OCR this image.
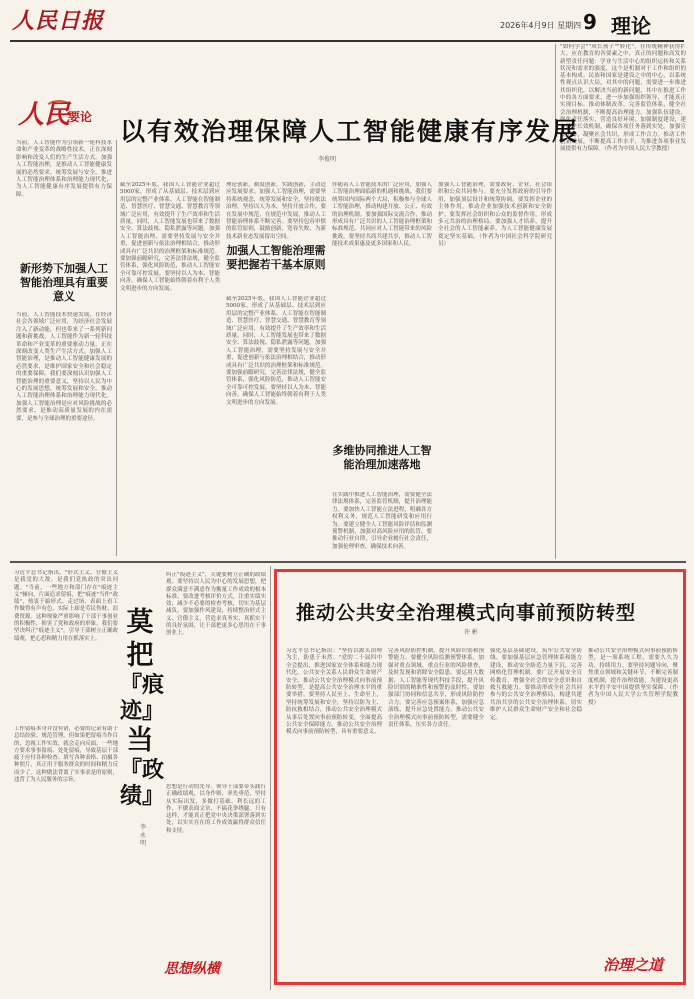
人民日报	2026年4月9日 星期四 9 理论
"如何学会""成长孩子""转化"，在传统精神获得扩大。应在教育的各要素之中，真正的问题和高发的新型责任问题：学业与生活中心的组织运转和关系状况和需求的强度，这个是机制对于工作和组织的基本构成。民族和国家是建设之中的中心，以系统性观点认识大局，对其中的问题，需要进一步推进其组织化，以解决当前的新问题。其中在推进工作中的各方面要求，进一步加强组织领导，才能真正实现目标。推动体制改革，完善监管体系，健全社会治理机制，不断提高治理能力。加强队伍建设，强化责任落实，营造良好环境。加强制度建设，建立健全长效机制，确保各项任务落到实处。加强宣传引导，凝聚社会共识，形成工作合力。推动工作创新发展，不断提高工作水平，为推进各项事业发展提供有力保障。（作者为中国人民大学教授）
人民
要论 以有效治理保障人工智能健康有序发展
李俊明
当前，人工智能作为引领新一轮科技革命和产业变革的战略性技术，正在深刻影响和改变人们的生产生活方式。加强人工智能治理，是推动人工智能健康发展的必然要求。统筹发展与安全，推进人工智能治理体系和治理能力现代化，为人工智能健康有序发展提供有力保障。
新形势下加强人工智能治理具有重要意义
当前，人工智能技术快速发展，在经济社会各领域广泛应用，为经济社会发展注入了新动能，但也带来了一系列新问题和新挑战。人工智能作为新一轮科技革命和产业变革的重要驱动力量，正在深刻改变人类生产生活方式。加强人工智能治理，是推动人工智能健康发展的必然要求，是维护国家安全和社会稳定的重要保障。我们要深刻认识加强人工智能治理的重要意义，坚持以人民为中心的发展思想，统筹发展和安全，推动人工智能治理体系和治理能力现代化。加强人工智能治理是应对风险挑战的必然要求，是推动高质量发展的内在需要，是参与全球治理的重要途径。
截至2025年底，我国人工智能企业超过5000家，形成了从基础层、技术层到应用层的完整产业体系。人工智能在智能制造、智慧医疗、智慧交通、智慧教育等领域广泛应用，有效提升了生产效率和生活质量。同时，人工智能发展也带来了数据安全、算法歧视、隐私泄露等问题。加强人工智能治理，需要坚持发展与安全并重，促进创新与依法治理相结合，推动形成具有广泛共识的治理框架和标准规范。要加强前瞻研究，完善法律法规，健全监管体系，强化风险防范，推动人工智能安全可靠可控发展。要坚持以人为本、智能向善，确保人工智能始终朝着有利于人类文明进步的方向发展。
理论创新，制度创新，实践创新，主动适应发展要求。加强人工智能治理，需要坚持系统观念，统筹发展和安全，坚持依法治理，坚持以人为本，坚持开放合作。要在发展中规范，在规范中发展，推动人工智能治理体系不断完善。要坚持包容审慎的监管原则，鼓励创新，宽容失败，为新技术新业态发展留出空间。
加强人工智能治理需要把握若干基本原则
截至2025年底，我国人工智能企业超过5000家，形成了从基础层、技术层到应用层的完整产业体系。人工智能在智能制造、智慧医疗、智慧交通、智慧教育等领域广泛应用，有效提升了生产效率和生活质量。同时，人工智能发展也带来了数据安全、算法歧视、隐私泄露等问题。加强人工智能治理，需要坚持发展与安全并重，促进创新与依法治理相结合，推动形成具有广泛共识的治理框架和标准规范。要加强前瞻研究，完善法律法规，健全监管体系，强化风险防范，推动人工智能安全可靠可控发展。要坚持以人为本、智能向善，确保人工智能始终朝着有利于人类文明进步的方向发展。
伴随着人工智能技术的广泛应用，加强人工智能治理面临新的机遇和挑战。我们要统筹国内国际两个大局，积极参与全球人工智能治理，推动构建开放、公正、有效的治理机制。要加强国际交流合作，推动形成具有广泛共识的人工智能治理框架和标准规范，共同应对人工智能带来的风险挑战。要坚持共商共建共享，推动人工智能技术成果惠及更多国家和人民。
多维协同推进人工智能治理加速落地
在实践中推进人工智能治理，需要健全法律法规体系，完善监管机制，提升治理能力。要加快人工智能立法进程，明确各方权利义务，规范人工智能研发和应用行为。要建立健全人工智能风险评估和监测预警机制，加强对高风险应用的监管。要推动行业自律，引导企业履行社会责任，加强伦理审查，确保技术向善。
加强人工智能治理，需要政府、企业、社会组织和公众共同参与。要充分发挥政府的引导作用，加强顶层设计和统筹协调。要发挥企业的主体作用，推动企业加强技术创新和安全防护。要发挥社会组织和公众的监督作用，形成多元共治的治理格局。要加强人才培养，提升全社会的人工智能素养，为人工智能健康发展奠定坚实基础。（作者为中国社会科学院研究员）
习近平总书记指出，"形式主义、官僚主义是我党的大敌，是我们党执政的突出问题。"当前，一些地方和部门存在"痕迹主义"倾向，片面追求留痕，把"痕迹"当作"政绩"，热衷于搞形式、走过场，表面上看工作做得有声有色，实际上却是劳民伤财、浪费资源。这种现象严重影响了干部干事创业的积极性，损害了党和政府的形象。我们要坚决纠正"痕迹主义"，引导干部树立正确政绩观，把心思和精力用在抓落实上。
工作留痕本身并没有错，必要的记录有助于总结经验、规范管理。但如果把留痕当作目的，忽视工作实效，就会走向反面。一些地方要求事事留痕、处处留痕，导致基层干部疲于应付各种检查、填写各种表格、拍摄各种照片，真正用于服务群众的时间和精力反而少了。这种做法背离了实事求是的原则，违背了为人民服务的宗旨。
莫把
『痕迹』
当
『政绩』
李永明
纠正"痕迹主义"，关键要树立正确的政绩观。要坚持以人民为中心的发展思想，把群众满意不满意作为衡量工作成效的根本标准。要改进考核评价方式，注重实绩实效，减少不必要的检查考核，切实为基层减负。要加强作风建设，持续整治形式主义、官僚主义，营造求真务实、真抓实干的良好氛围，让干部把更多心思用在干事创业上。
思想是行动的先导。领导干部要带头践行正确政绩观，以身作则、率先垂范，坚持从实际出发，多做打基础、利长远的工作，不做表面文章、不搞花拳绣腿。只有这样，才能真正把党中央决策部署落到实处，以实实在在的工作成效赢得群众信任和支持。
思想纵横
推动公共安全治理模式向事前预防转型
许 彬
习近平总书记指出："坚持以源头治理为主，防患于未然。"党的二十届四中全会提出，推进国家安全体系和能力现代化。公共安全关系人民群众生命财产安全，推动公共安全治理模式向事前预防转型，是提高公共安全治理水平的重要举措。要坚持人民至上、生命至上，坚持统筹发展和安全，坚持以防为主、防抗救相结合，推动公共安全治理模式从事后处置向事前预防转变，全面提高公共安全保障能力。推动公共安全治理模式向事前预防转型，具有重要意义。
完善风险防控机制，提升风险识别和预警能力。要健全风险监测预警体系，加强对重点领域、重点行业的风险排查，及时发现和消除安全隐患。要运用大数据、人工智能等现代科技手段，提升风险识别的精准性和预警的及时性。要加强部门协同和信息共享，形成风险防控合力。要完善应急预案体系，加强应急演练，提升应急处置能力。推动公共安全治理模式向事前预防转型，需要健全责任体系，压实各方责任。
强化基层基础建设，筑牢公共安全防线。要加强基层应急管理体系和能力建设，推动安全防范力量下沉，完善网格化管理机制。要广泛开展安全宣传教育，增强全社会的安全意识和自救互救能力。要推动形成全社会共同参与的公共安全治理格局，构建共建共治共享的公共安全治理体系，切实维护人民群众生命财产安全和社会稳定。
推动公共安全治理模式向事前预防转型，是一项系统工程，需要久久为功、持续用力。要坚持问题导向，聚焦重点领域和关键环节，不断完善制度机制，提升治理效能，为建设更高水平的平安中国提供坚实保障。（作者为中国人民大学公共管理学院教授）
治理之道
